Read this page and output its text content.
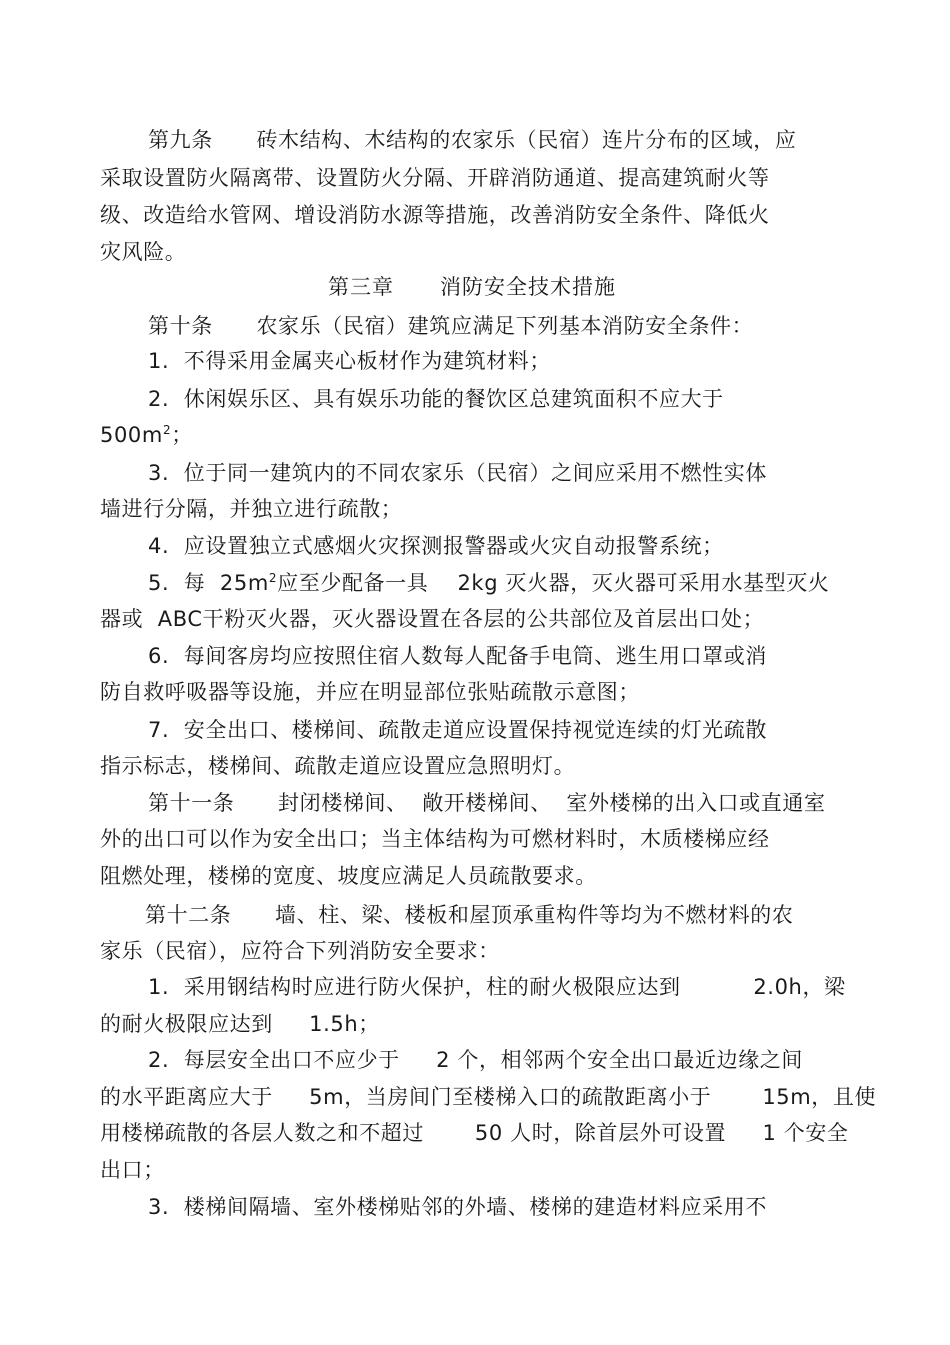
第九条      砖木结构、木结构的农家乐（民宿）连片分布的区域，应
采取设置防火隔离带、设置防火分隔、开辟消防通道、提高建筑耐火等
级、改造给水管网、增设消防水源等措施，改善消防安全条件、降低火
灾风险。
第三章      消防安全技术措施
第十条      农家乐（民宿）建筑应满足下列基本消防安全条件：
1.  不得采用金属夹心板材作为建筑材料；
2.  休闲娱乐区、具有娱乐功能的餐饮区总建筑面积不应大于
$500m^2$；
3.  位于同一建筑内的不同农家乐（民宿）之间应采用不燃性实体
墙进行分隔，并独立进行疏散；
4.  应设置独立式感烟火灾探测报警器或火灾自动报警系统；
5.  每  $25m^2$应至少配备一具    2kg 灭火器，灭火器可采用水基型灭火
器或  ABC干粉灭火器，灭火器设置在各层的公共部位及首层出口处；
6.  每间客房均应按照住宿人数每人配备手电筒、逃生用口罩或消
防自救呼吸器等设施，并应在明显部位张贴疏散示意图；
7.  安全出口、楼梯间、疏散走道应设置保持视觉连续的灯光疏散
指示标志，楼梯间、疏散走道应设置应急照明灯。
第十一条      封闭楼梯间、  敞开楼梯间、  室外楼梯的出入口或直通室
外的出口可以作为安全出口；当主体结构为可燃材料时，木质楼梯应经
阻燃处理，楼梯的宽度、坡度应满足人员疏散要求。
第十二条      墙、柱、梁、楼板和屋顶承重构件等均为不燃材料的农
家乐（民宿），应符合下列消防安全要求：
1.  采用钢结构时应进行防火保护，柱的耐火极限应达到          2.0h，梁
的耐火极限应达到     1.5h；
2.  每层安全出口不应少于     2 个，相邻两个安全出口最近边缘之间
的水平距离应大于     5m，当房间门至楼梯入口的疏散距离小于       15m，且使
用楼梯疏散的各层人数之和不超过       50 人时，除首层外可设置     1 个安全
出口；
3.  楼梯间隔墙、室外楼梯贴邻的外墙、楼梯的建造材料应采用不
